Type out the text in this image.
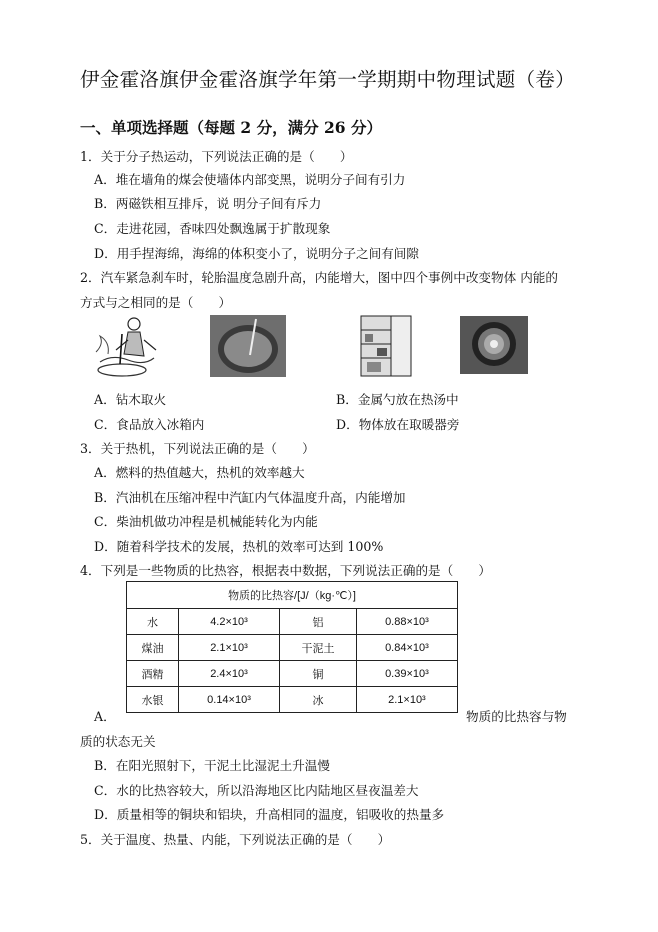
伊金霍洛旗伊金霍洛旗学年第一学期期中物理试题（卷）
一、单项选择题（每题 2 分，满分 26 分）
1．关于分子热运动，下列说法正确的是（　　）
A．堆在墙角的煤会使墙体内部变黑，说明分子间有引力
B．两磁铁相互排斥，说 明分子间有斥力
C．走进花园，香味四处飘逸属于扩散现象
D．用手捏海绵，海绵的体积变小了，说明分子之间有间隙
2．汽车紧急刹车时，轮胎温度急剧升高，内能增大，图中四个事例中改变物体 内能的
方式与之相同的是（　　）
A．钻木取火	B．金属勺放在热汤中
C．食品放入冰箱内	D．物体放在取暖器旁
3．关于热机，下列说法正确的是（　　）
A．燃料的热值越大，热机的效率越大
B．汽油机在压缩冲程中汽缸内气体温度升高，内能增加
C．柴油机做功冲程是机械能转化为内能
D．随着科学技术的发展，热机的效率可达到 100%
4．下列是一些物质的比热容，根据表中数据，下列说法正确的是（　　）
物质的比热容/[J/（kg·℃）]			
水	4.2×10³	铝	0.88×10³
煤油	2.1×10³	干泥土	0.84×10³
酒精	2.4×10³	铜	0.39×10³
水银	0.14×10³	冰	2.1×10³
A．	物质的比热容与物
质的状态无关
B．在阳光照射下，干泥土比湿泥土升温慢
C．水的比热容较大，所以沿海地区比内陆地区昼夜温差大
D．质量相等的铜块和铝块，升高相同的温度，铝吸收的热量多
5．关于温度、热量、内能，下列说法正确的是（　　）
